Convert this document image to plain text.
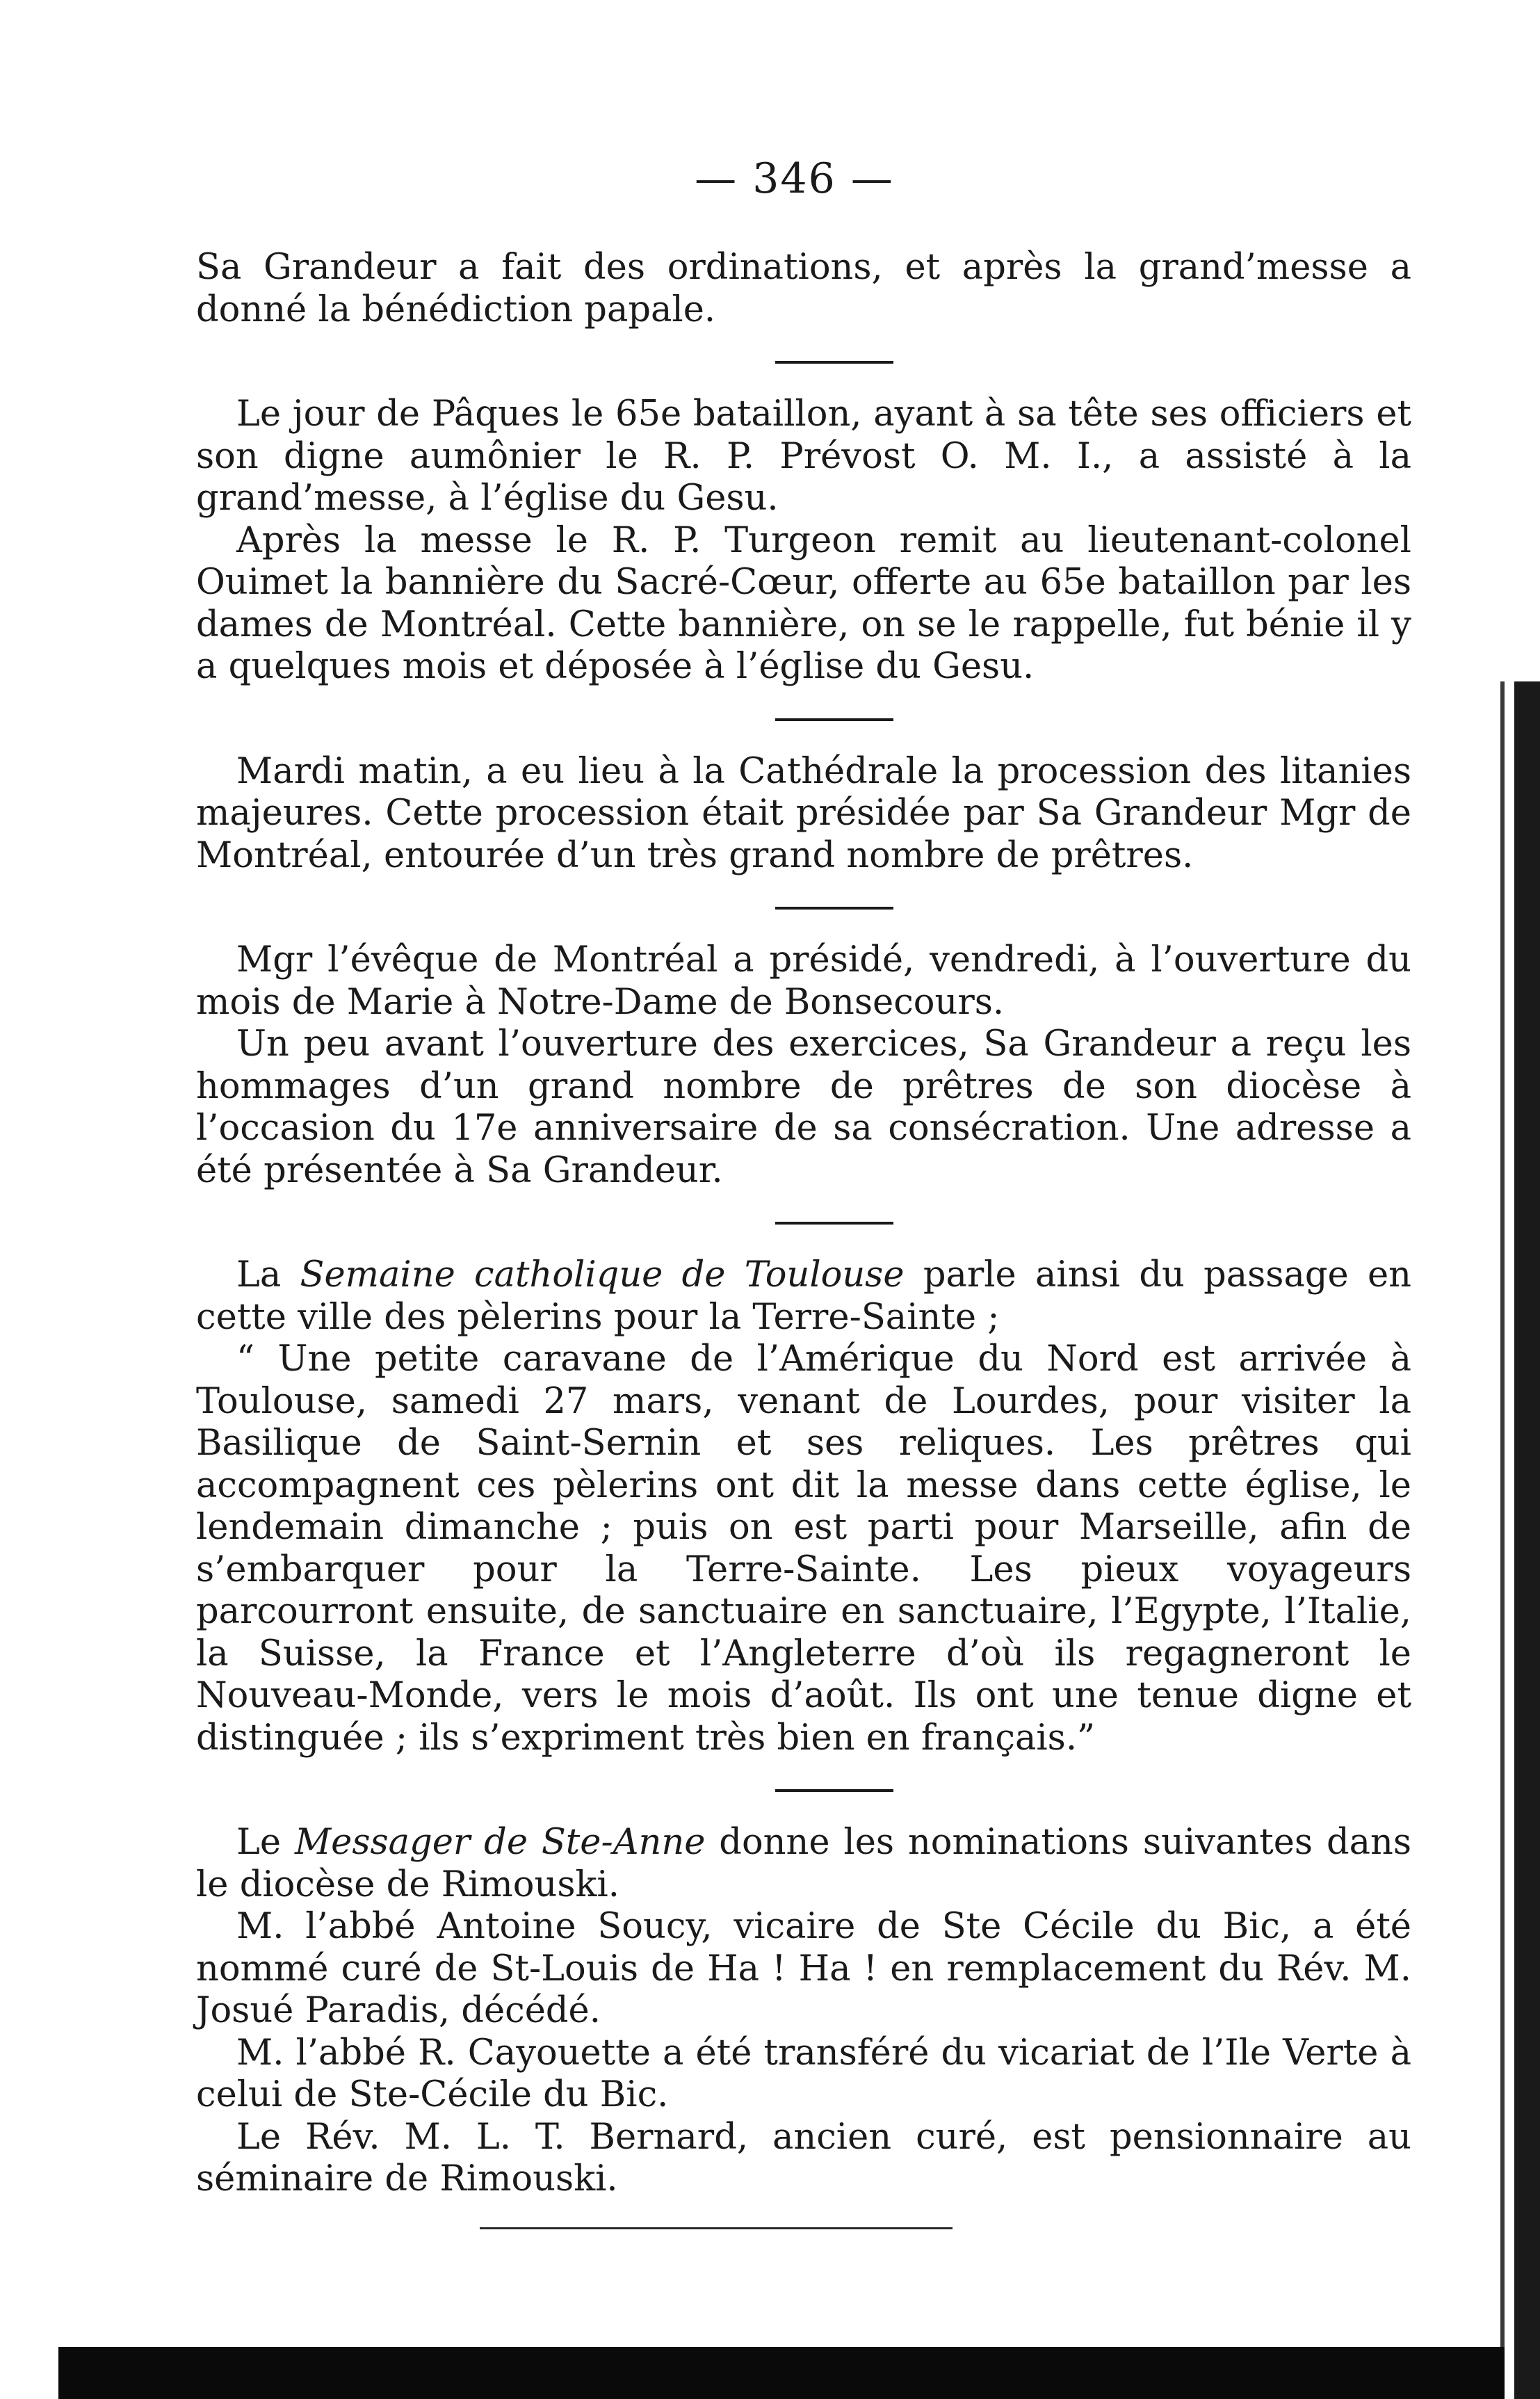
— 346 —

Sa Grandeur a fait des ordinations, et après la grand’messe a donné la bénédiction papale.

Le jour de Pâques le 65e bataillon, ayant à sa tête ses officiers et son digne aumônier le R. P. Prévost O. M. I., a assisté à la grand’messe, à l’église du Gesu.

Après la messe le R. P. Turgeon remit au lieutenant-colonel Ouimet la bannière du Sacré-Cœur, offerte au 65e bataillon par les dames de Montréal. Cette bannière, on se le rappelle, fut bénie il y a quelques mois et déposée à l’église du Gesu.

Mardi matin, a eu lieu à la Cathédrale la procession des litanies majeures. Cette procession était présidée par Sa Grandeur Mgr de Montréal, entourée d’un très grand nombre de prêtres.

Mgr l’évêque de Montréal a présidé, vendredi, à l’ouverture du mois de Marie à Notre-Dame de Bonsecours.

Un peu avant l’ouverture des exercices, Sa Grandeur a reçu les hommages d’un grand nombre de prêtres de son diocèse à l’occasion du 17e anniversaire de sa consécration. Une adresse a été présentée à Sa Grandeur.

La Semaine catholique de Toulouse parle ainsi du passage en cette ville des pèlerins pour la Terre-Sainte ;

“ Une petite caravane de l’Amérique du Nord est arrivée à Toulouse, samedi 27 mars, venant de Lourdes, pour visiter la Basilique de Saint-Sernin et ses reliques. Les prêtres qui accompagnent ces pèlerins ont dit la messe dans cette église, le lendemain dimanche ; puis on est parti pour Marseille, afin de s’embarquer pour la Terre-Sainte. Les pieux voyageurs parcourront ensuite, de sanctuaire en sanctuaire, l’Egypte, l’Italie, la Suisse, la France et l’Angleterre d’où ils regagneront le Nouveau-Monde, vers le mois d’août. Ils ont une tenue digne et distinguée ; ils s’expriment très bien en français.”

Le Messager de Ste-Anne donne les nominations suivantes dans le diocèse de Rimouski.

M. l’abbé Antoine Soucy, vicaire de Ste Cécile du Bic, a été nommé curé de St-Louis de Ha ! Ha ! en remplacement du Rév. M. Josué Paradis, décédé.

M. l’abbé R. Cayouette a été transféré du vicariat de l’Ile Verte à celui de Ste-Cécile du Bic.

Le Rév. M. L. T. Bernard, ancien curé, est pensionnaire au séminaire de Rimouski.
